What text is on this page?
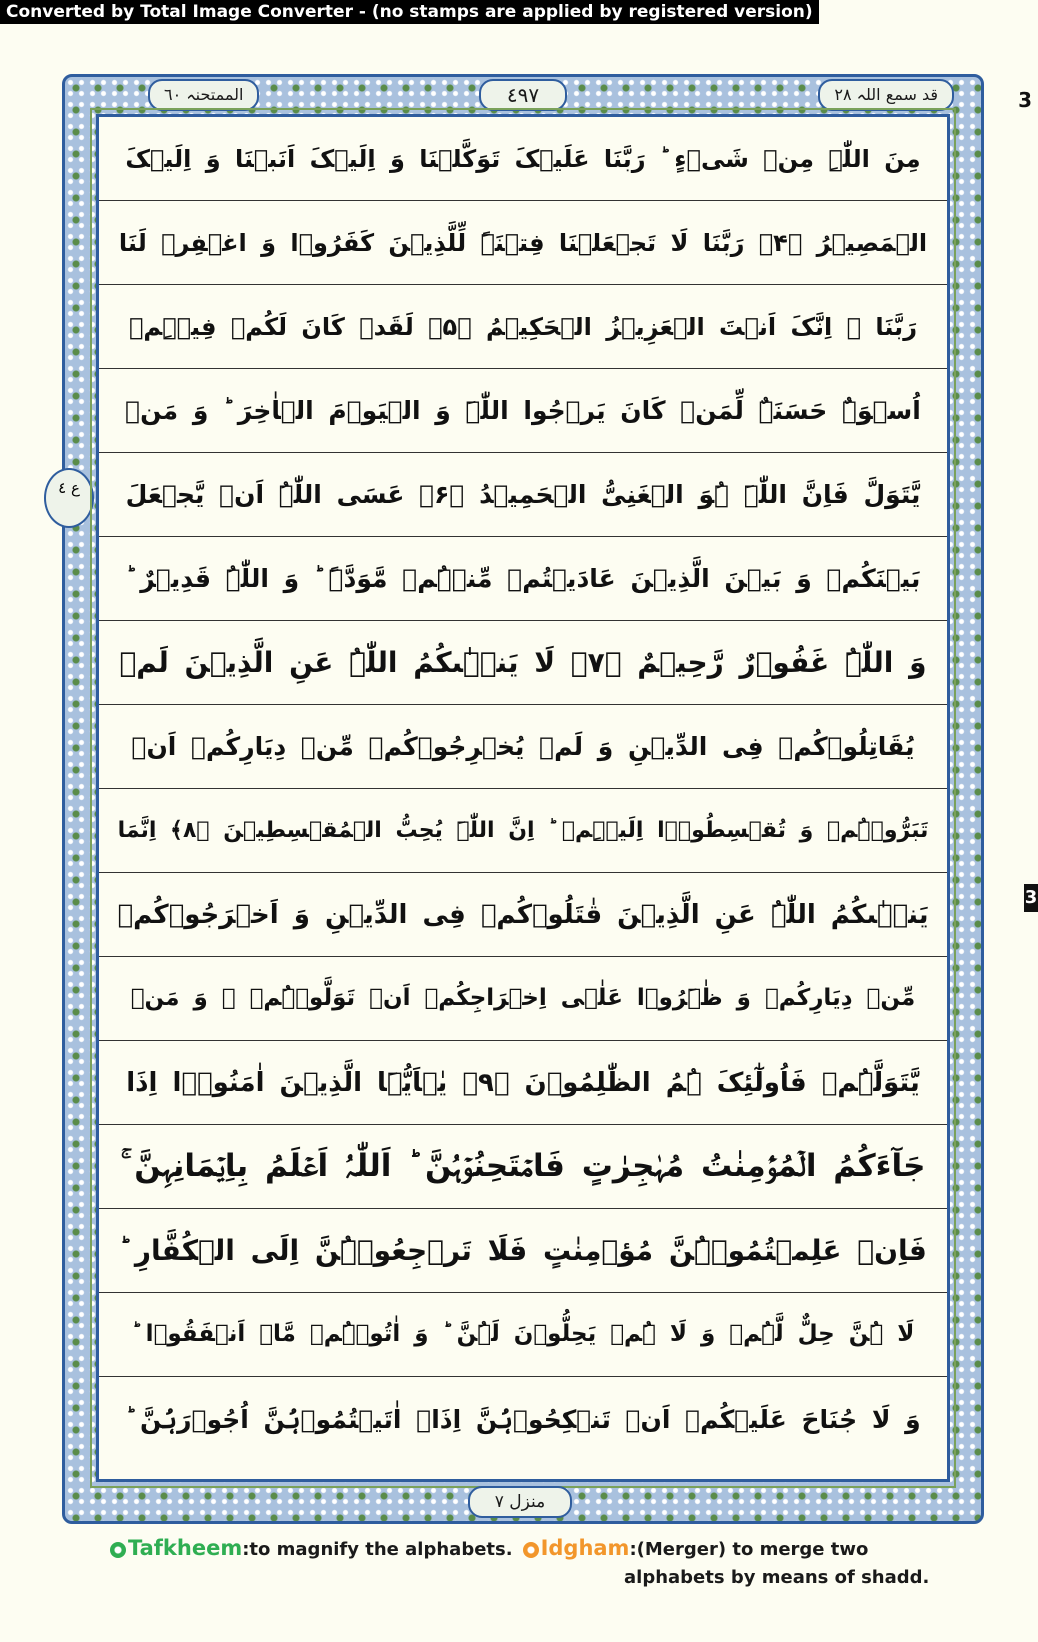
Converted by Total Image Converter - (no stamps are applied by registered version)
3
3
قد سمع اللہ ٢٨
٤٩٧
الممتحنہ ٦٠
ع ٤
مِنَ اللّٰہِ مِنۡ شَیۡءٍ ؕ رَبَّنَا عَلَیۡکَ تَوَکَّلۡنَا وَ اِلَیۡکَ اَنَبۡنَا وَ اِلَیۡکَ
الۡمَصِیۡرُ ﴿۴﴾ رَبَّنَا لَا تَجۡعَلۡنَا فِتۡنَۃً لِّلَّذِیۡنَ کَفَرُوۡا وَ اغۡفِرۡ لَنَا
رَبَّنَا ۚ اِنَّکَ اَنۡتَ الۡعَزِیۡزُ الۡحَکِیۡمُ ﴿۵﴾ لَقَدۡ کَانَ لَکُمۡ فِیۡہِمۡ
اُسۡوَۃٌ حَسَنَۃٌ لِّمَنۡ کَانَ یَرۡجُوا اللّٰہَ وَ الۡیَوۡمَ الۡاٰخِرَ ؕ وَ مَنۡ
یَّتَوَلَّ فَاِنَّ اللّٰہَ ہُوَ الۡغَنِیُّ الۡحَمِیۡدُ ﴿۶﴾ عَسَی اللّٰہُ اَنۡ یَّجۡعَلَ
بَیۡنَکُمۡ وَ بَیۡنَ الَّذِیۡنَ عَادَیۡتُمۡ مِّنۡہُمۡ مَّوَدَّۃً ؕ وَ اللّٰہُ قَدِیۡرٌ ؕ
وَ اللّٰہُ غَفُوۡرٌ رَّحِیۡمٌ ﴿۷﴾ لَا یَنۡہٰىکُمُ اللّٰہُ عَنِ الَّذِیۡنَ لَمۡ
یُقَاتِلُوۡکُمۡ فِی الدِّیۡنِ وَ لَمۡ یُخۡرِجُوۡکُمۡ مِّنۡ دِیَارِکُمۡ اَنۡ
تَبَرُّوۡہُمۡ وَ تُقۡسِطُوۡۤا اِلَیۡہِمۡ ؕ اِنَّ اللّٰہَ یُحِبُّ الۡمُقۡسِطِیۡنَ ﴿۸﴾ اِنَّمَا
یَنۡہٰىکُمُ اللّٰہُ عَنِ الَّذِیۡنَ قٰتَلُوۡکُمۡ فِی الدِّیۡنِ وَ اَخۡرَجُوۡکُمۡ
مِّنۡ دِیَارِکُمۡ وَ ظٰہَرُوۡا عَلٰۤی اِخۡرَاجِکُمۡ اَنۡ تَوَلَّوۡہُمۡ ۚ وَ مَنۡ
یَّتَوَلَّہُمۡ فَاُولٰٓئِکَ ہُمُ الظّٰلِمُوۡنَ ﴿۹﴾ یٰۤاَیُّہَا الَّذِیۡنَ اٰمَنُوۡۤا اِذَا
جَآءَکُمُ الۡمُؤۡمِنٰتُ مُہٰجِرٰتٍ فَامۡتَحِنُوۡہُنَّ ؕ اَللّٰہُ اَعۡلَمُ بِاِیۡمَانِہِنَّ ۚ
فَاِنۡ عَلِمۡتُمُوۡہُنَّ مُؤۡمِنٰتٍ فَلَا تَرۡجِعُوۡہُنَّ اِلَی الۡکُفَّارِ ؕ
لَا ہُنَّ حِلٌّ لَّہُمۡ وَ لَا ہُمۡ یَحِلُّوۡنَ لَہُنَّ ؕ وَ اٰتُوۡہُمۡ مَّاۤ اَنۡفَقُوۡا ؕ
وَ لَا جُنَاحَ عَلَیۡکُمۡ اَنۡ تَنۡکِحُوۡہُنَّ اِذَاۤ اٰتَیۡتُمُوۡہُنَّ اُجُوۡرَہُنَّ ؕ
منزل ٧
Tafkheem:to magnify the alphabets.	Idgham:(Merger) to merge two
alphabets by means of shadd.
